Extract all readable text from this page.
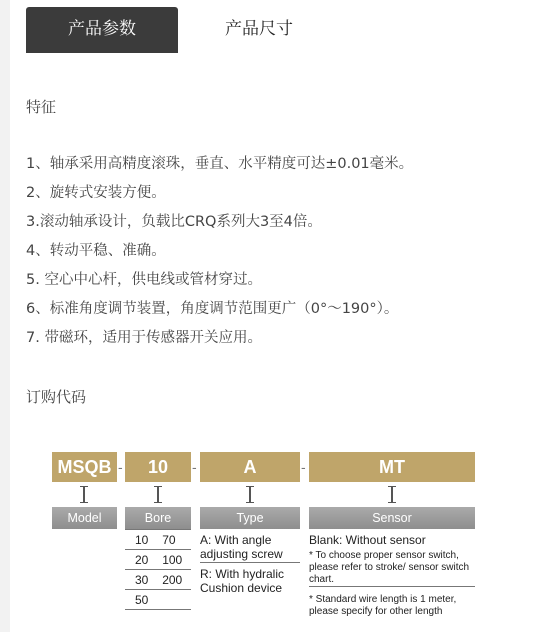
产品参数	产品尺寸
特征
1、轴承采用高精度滚珠，垂直、水平精度可达±0.01毫米。
2、旋转式安装方便。
3.滚动轴承设计，负载比CRQ系列大3至4倍。
4、转动平稳、准确。
5. 空心中心杆，供电线或管材穿过。
6、标准角度调节装置，角度调节范围更广（0°～190°）。
7. 带磁环，适用于传感器开关应用。
订购代码
MSQB -	10	-	A	-	MT
Model	Bore	Type	Sensor
10	70
20	100
30	200
50	
A: With angle adjusting screw
R: With hydralic Cushion device
Blank: Without sensor
* To choose proper sensor switch, please refer to stroke/ sensor switch chart.
* Standard wire length is 1 meter, please specify for other length
